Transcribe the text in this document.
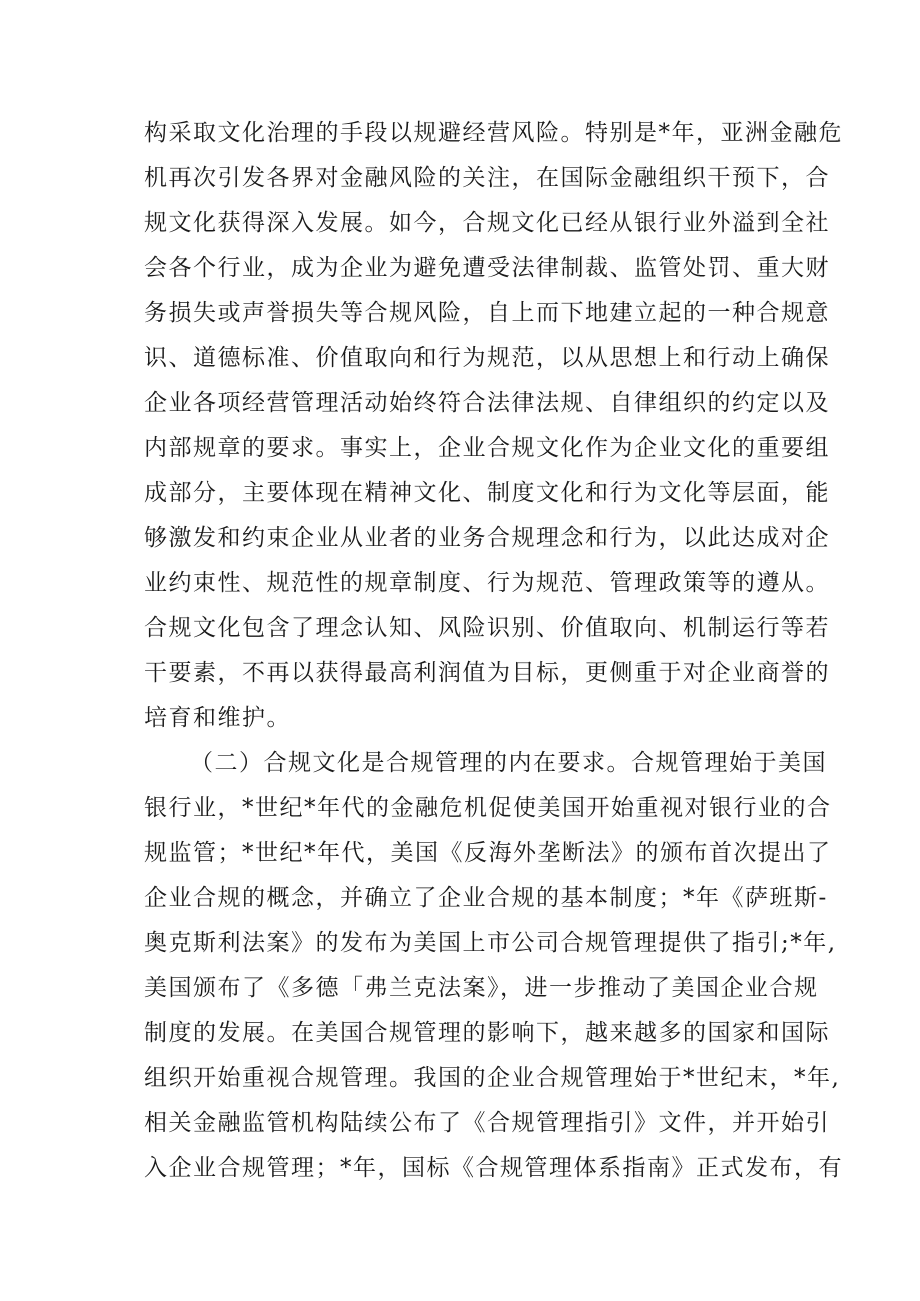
构采取文化治理的手段以规避经营风险。特别是*年，亚洲金融危
机再次引发各界对金融风险的关注，在国际金融组织干预下，合
规文化获得深入发展。如今，合规文化已经从银行业外溢到全社
会各个行业，成为企业为避免遭受法律制裁、监管处罚、重大财
务损失或声誉损失等合规风险，自上而下地建立起的一种合规意
识、道德标准、价值取向和行为规范，以从思想上和行动上确保
企业各项经营管理活动始终符合法律法规、自律组织的约定以及
内部规章的要求。事实上，企业合规文化作为企业文化的重要组
成部分，主要体现在精神文化、制度文化和行为文化等层面，能
够激发和约束企业从业者的业务合规理念和行为，以此达成对企
业约束性、规范性的规章制度、行为规范、管理政策等的遵从。
合规文化包含了理念认知、风险识别、价值取向、机制运行等若
干要素，不再以获得最高利润值为目标，更侧重于对企业商誉的
培育和维护。
（二）合规文化是合规管理的内在要求。合规管理始于美国
银行业，*世纪*年代的金融危机促使美国开始重视对银行业的合
规监管；*世纪*年代，美国《反海外垄断法》的颁布首次提出了
企业合规的概念，并确立了企业合规的基本制度；*年《萨班斯-
奥克斯利法案》的发布为美国上市公司合规管理提供了指引;*年,
美国颁布了《多德「弗兰克法案》，进一步推动了美国企业合规
制度的发展。在美国合规管理的影响下，越来越多的国家和国际
组织开始重视合规管理。我国的企业合规管理始于*世纪末，*年,
相关金融监管机构陆续公布了《合规管理指引》文件，并开始引
入企业合规管理；*年，国标《合规管理体系指南》正式发布，有
